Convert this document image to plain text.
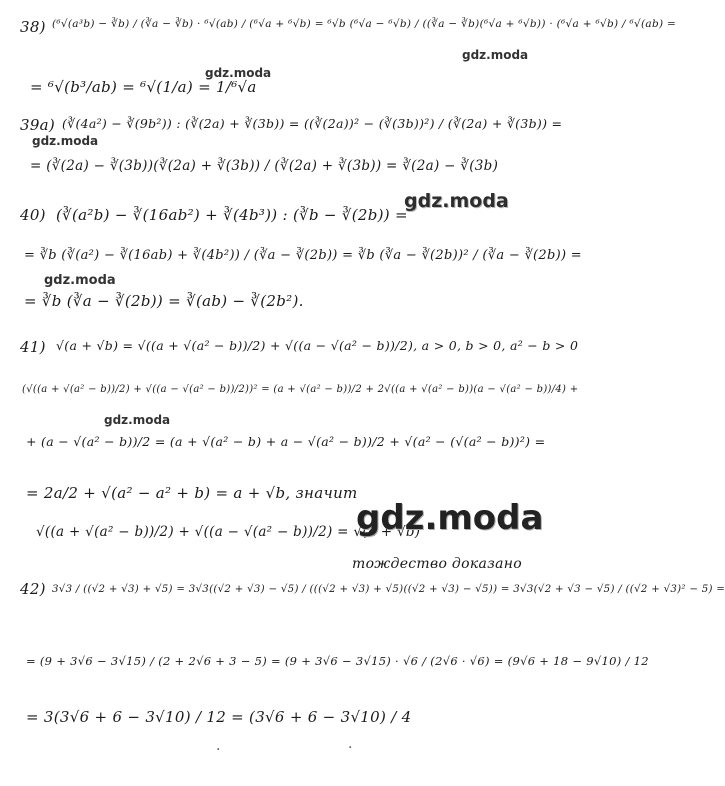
38) (⁶√(a³b) − ∛b) / (∛a − ∛b) · ⁶√(ab) / (⁶√a + ⁶√b) = ⁶√b (⁶√a − ⁶√b) / ((∛a − ∛b)(⁶√a + ⁶√b)) · (⁶√a + ⁶√b) / ⁶√(ab) =
= ⁶√(b³/ab) = ⁶√(1/a) = 1/⁶√a
39a) (∛(4a²) − ∛(9b²)) : (∛(2a) + ∛(3b)) = ((∛(2a))² − (∛(3b))²) / (∛(2a) + ∛(3b)) =
= (∛(2a) − ∛(3b))(∛(2a) + ∛(3b)) / (∛(2a) + ∛(3b)) = ∛(2a) − ∛(3b)
40) (∛(a²b) − ∛(16ab²) + ∛(4b³)) : (∛b − ∛(2b)) =
= ∛b (∛(a²) − ∛(16ab) + ∛(4b²)) / (∛a − ∛(2b)) = ∛b (∛a − ∛(2b))² / (∛a − ∛(2b)) =
= ∛b (∛a − ∛(2b)) = ∛(ab) − ∛(2b²).
41) √(a + √b) = √((a + √(a² − b))/2) + √((a − √(a² − b))/2), a > 0, b > 0, a² − b > 0
(√((a + √(a² − b))/2) + √((a − √(a² − b))/2))² = (a + √(a² − b))/2 + 2√((a + √(a² − b))(a − √(a² − b))/4) +
+ (a − √(a² − b))/2 = (a + √(a² − b) + a − √(a² − b))/2 + √(a² − (√(a² − b))²) =
= 2a/2 + √(a² − a² + b) = a + √b, значит
√((a + √(a² − b))/2) + √((a − √(a² − b))/2) = √(a + √b)
тождество доказано
42) 3√3 / ((√2 + √3) + √5) = 3√3((√2 + √3) − √5) / (((√2 + √3) + √5)((√2 + √3) − √5)) = 3√3(√2 + √3 − √5) / ((√2 + √3)² − 5) =
= (9 + 3√6 − 3√15) / (2 + 2√6 + 3 − 5) = (9 + 3√6 − 3√15) · √6 / (2√6 · √6) = (9√6 + 18 − 9√10) / 12
= 3(3√6 + 6 − 3√10) / 12 = (3√6 + 6 − 3√10) / 4
·	·
gdz.moda
gdz.moda
gdz.moda
gdz.moda
gdz.moda
gdz.moda
gdz.moda
